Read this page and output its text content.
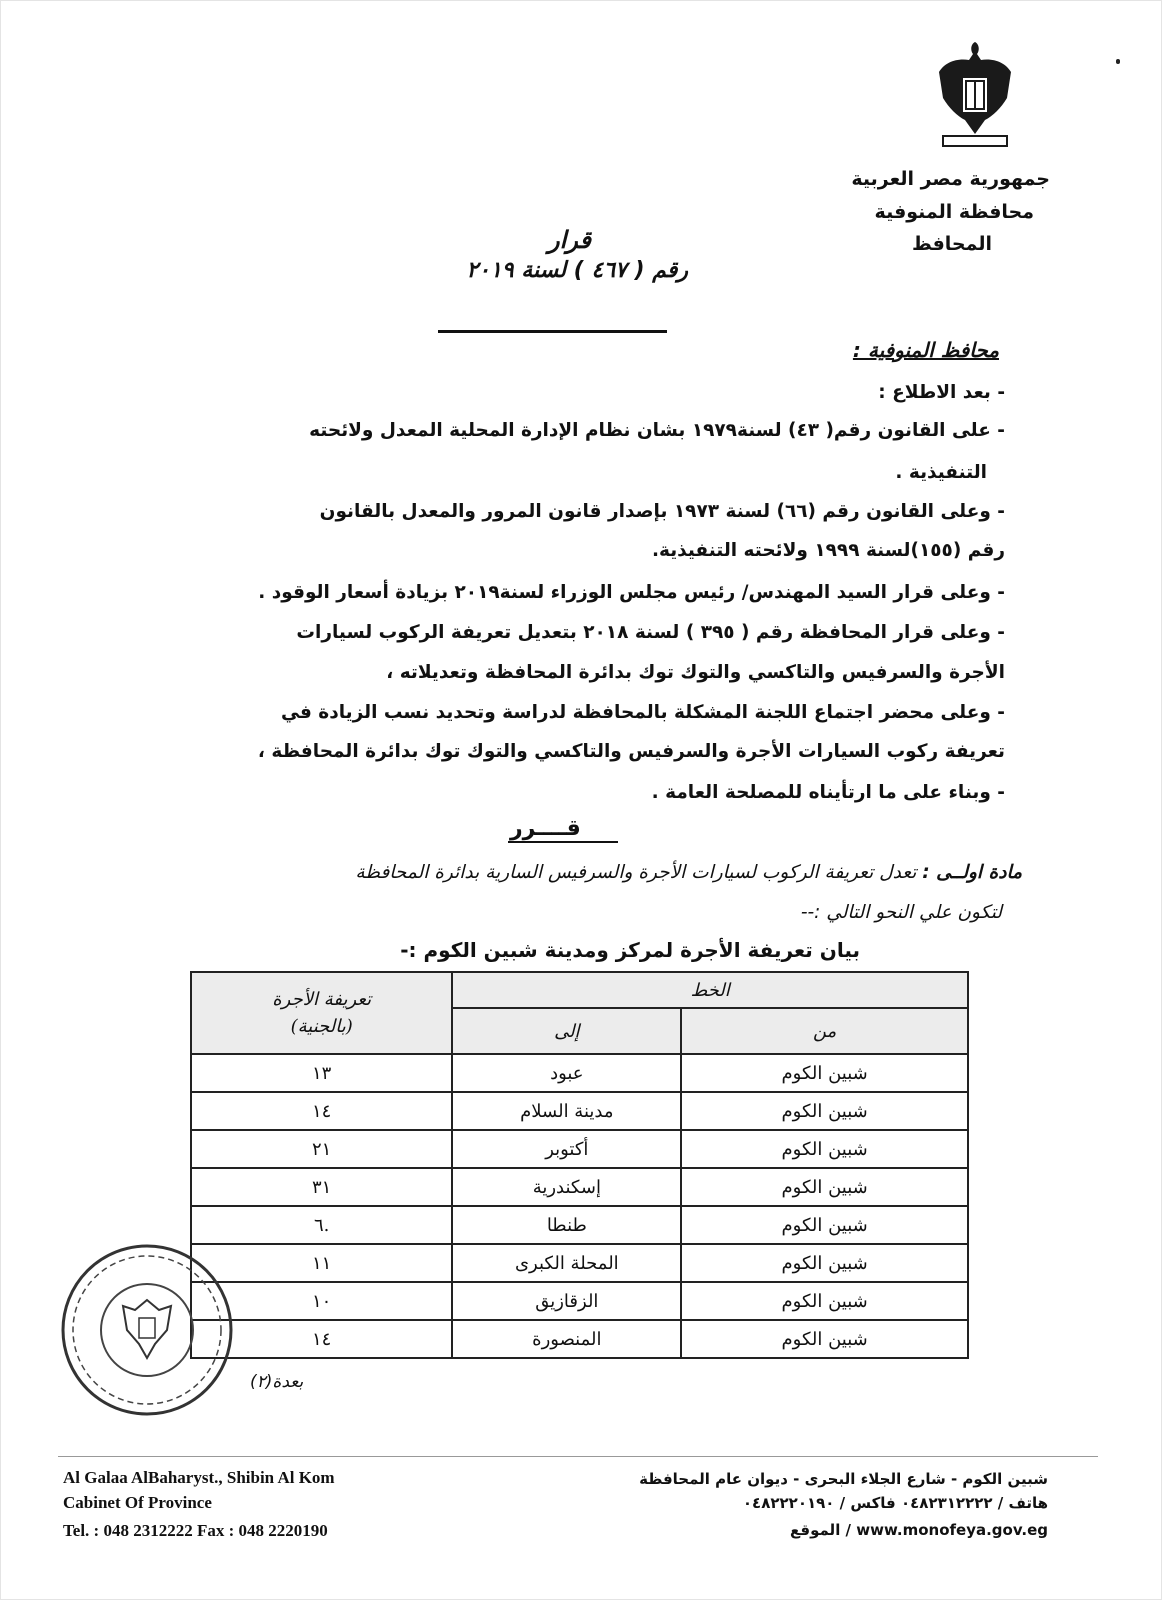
جمهورية مصر العربية
محافظة المنوفية
المحافظ
قرار
رقم ( ٤٦٧ ) لسنة ٢٠١٩
محافظ المنوفية :
- بعد الاطلاع :
- على القانون رقم( ٤٣) لسنة١٩٧٩ بشان نظام الإدارة المحلية المعدل ولائحته
التنفيذية .
- وعلى القانون رقم (٦٦) لسنة ١٩٧٣ بإصدار قانون المرور والمعدل بالقانون
رقم (١٥٥)لسنة ١٩٩٩ ولائحته التنفيذية.
- وعلى قرار السيد المهندس/ رئيس مجلس الوزراء لسنة٢٠١٩ بزيادة أسعار الوقود .
- وعلى قرار المحافظة رقم ( ٣٩٥ ) لسنة ٢٠١٨ بتعديل تعريفة الركوب لسيارات
الأجرة والسرفيس والتاكسي والتوك توك بدائرة المحافظة وتعديلاته ،
- وعلى محضر اجتماع اللجنة المشكلة بالمحافظة لدراسة وتحديد نسب الزيادة في
تعريفة ركوب السيارات الأجرة والسرفيس والتاكسي والتوك توك بدائرة المحافظة ،
- وبناء على ما ارتأيناه للمصلحة العامة .
قــــرر
مادة اولــى : تعدل تعريفة الركوب لسيارات الأجرة والسرفيس السارية بدائرة المحافظة
لتكون علي النحو التالي :--
بيان تعريفة الأجرة لمركز ومدينة شبين الكوم :-
الخط		تعريفة الأجرة
(بالجنية)

من	إلى	
شبين الكوم	عبود	١٣
شبين الكوم	مدينة السلام	١٤
شبين الكوم	أكتوبر	٢١
شبين الكوم	إسكندرية	٣١
شبين الكوم	طنطا	.٦
شبين الكوم	المحلة الكبرى	١١
شبين الكوم	الزقازيق	١٠
شبين الكوم	المنصورة	١٤
بعدة(٢)
Al Galaa AlBaharyst., Shibin Al Kom
Cabinet Of Province
Tel. : 048 2312222 Fax : 048 2220190
شبين الكوم - شارع الجلاء البحرى - ديوان عام المحافظة
هاتف / ٠٤٨٢٣١٢٢٢٢ فاكس / ٠٤٨٢٢٢٠١٩٠
www.monofeya.gov.eg / الموقع
